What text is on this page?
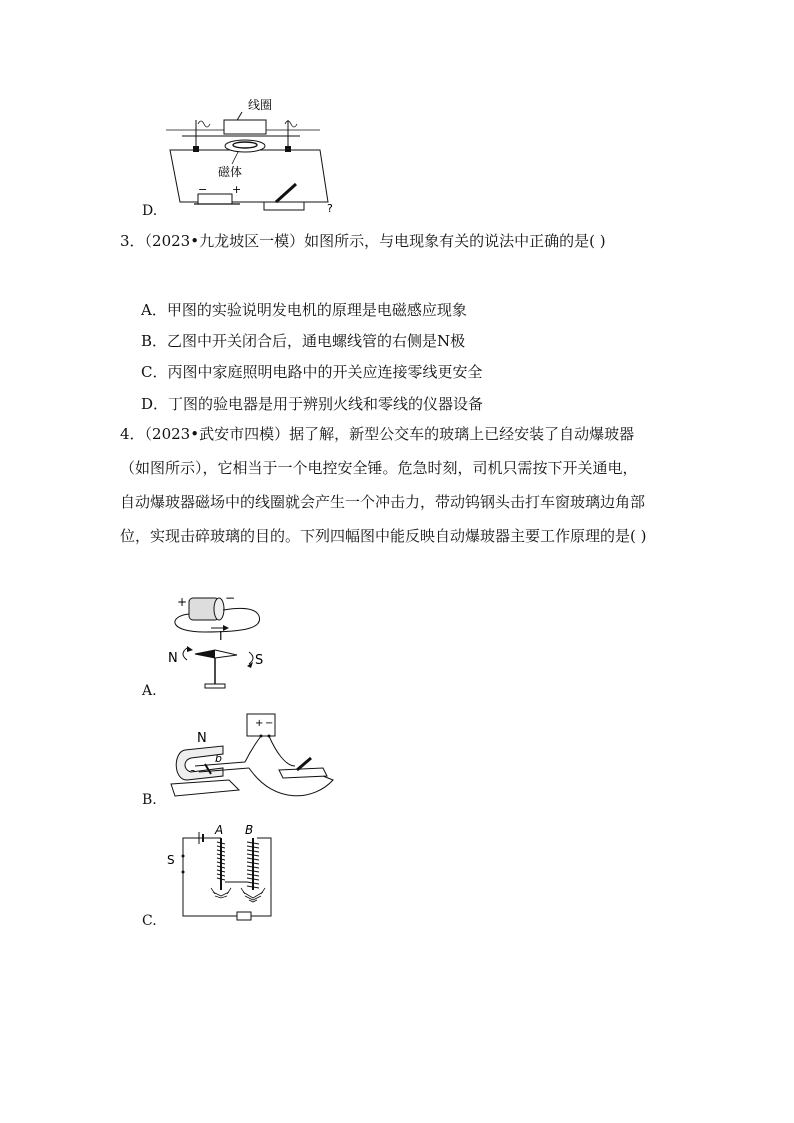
线圈
磁体
− +
?
D.
3．（2023•九龙坡区一模）如图所示，与电现象有关的说法中正确的是( )
A．甲图的实验说明发电机的原理是电磁感应现象
B．乙图中开关闭合后，通电螺线管的右侧是N极
C．丙图中家庭照明电路中的开关应连接零线更安全
D．丁图的验电器是用于辨别火线和零线的仪器设备
4．（2023•武安市四模）据了解，新型公交车的玻璃上已经安装了自动爆玻器
（如图所示），它相当于一个电控安全锤。危急时刻，司机只需按下开关通电，
自动爆玻器磁场中的线圈就会产生一个冲击力，带动钨钢头击打车窗玻璃边角部
位，实现击碎玻璃的目的。下列四幅图中能反映自动爆玻器主要工作原理的是( )
+	−
I
N	S
A.
N
b
+ −
B.
A B
S
C.
